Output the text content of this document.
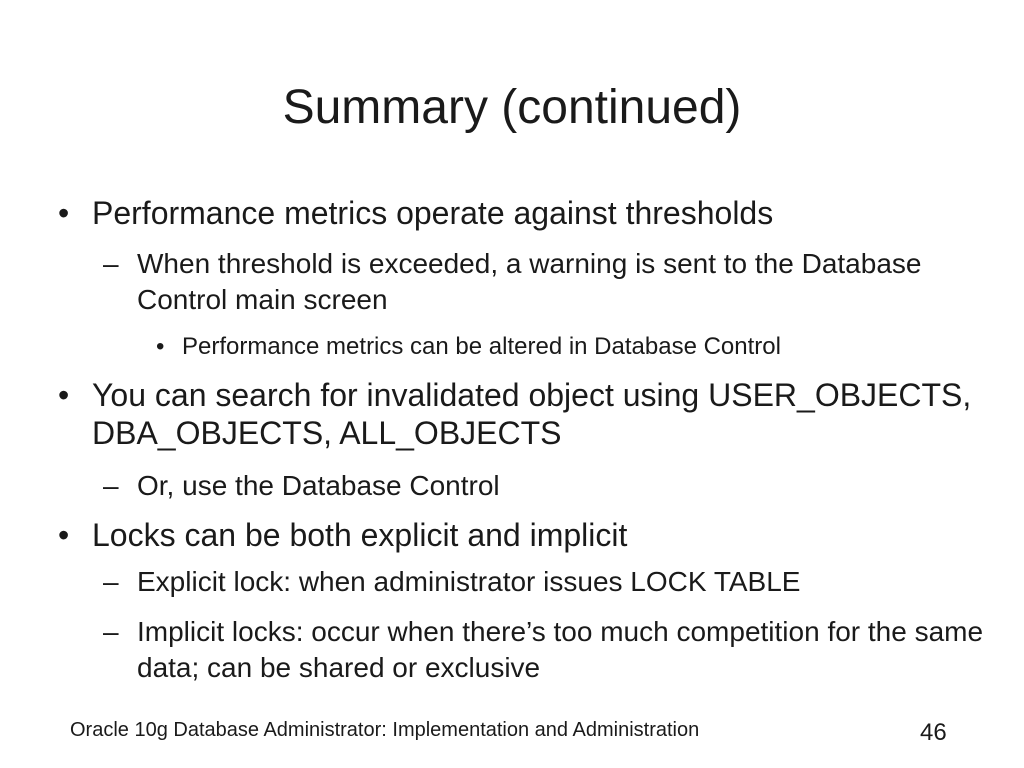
Summary (continued)
• Performance metrics operate against thresholds
– When threshold is exceeded, a warning is sent to the Database Control main screen
• Performance metrics can be altered in Database Control
• You can search for invalidated object using USER_OBJECTS, DBA_OBJECTS, ALL_OBJECTS
– Or, use the Database Control
• Locks can be both explicit and implicit
– Explicit lock: when administrator issues LOCK TABLE
– Implicit locks: occur when there’s too much competition for the same data; can be shared or exclusive
Oracle 10g Database Administrator: Implementation and Administration	46
